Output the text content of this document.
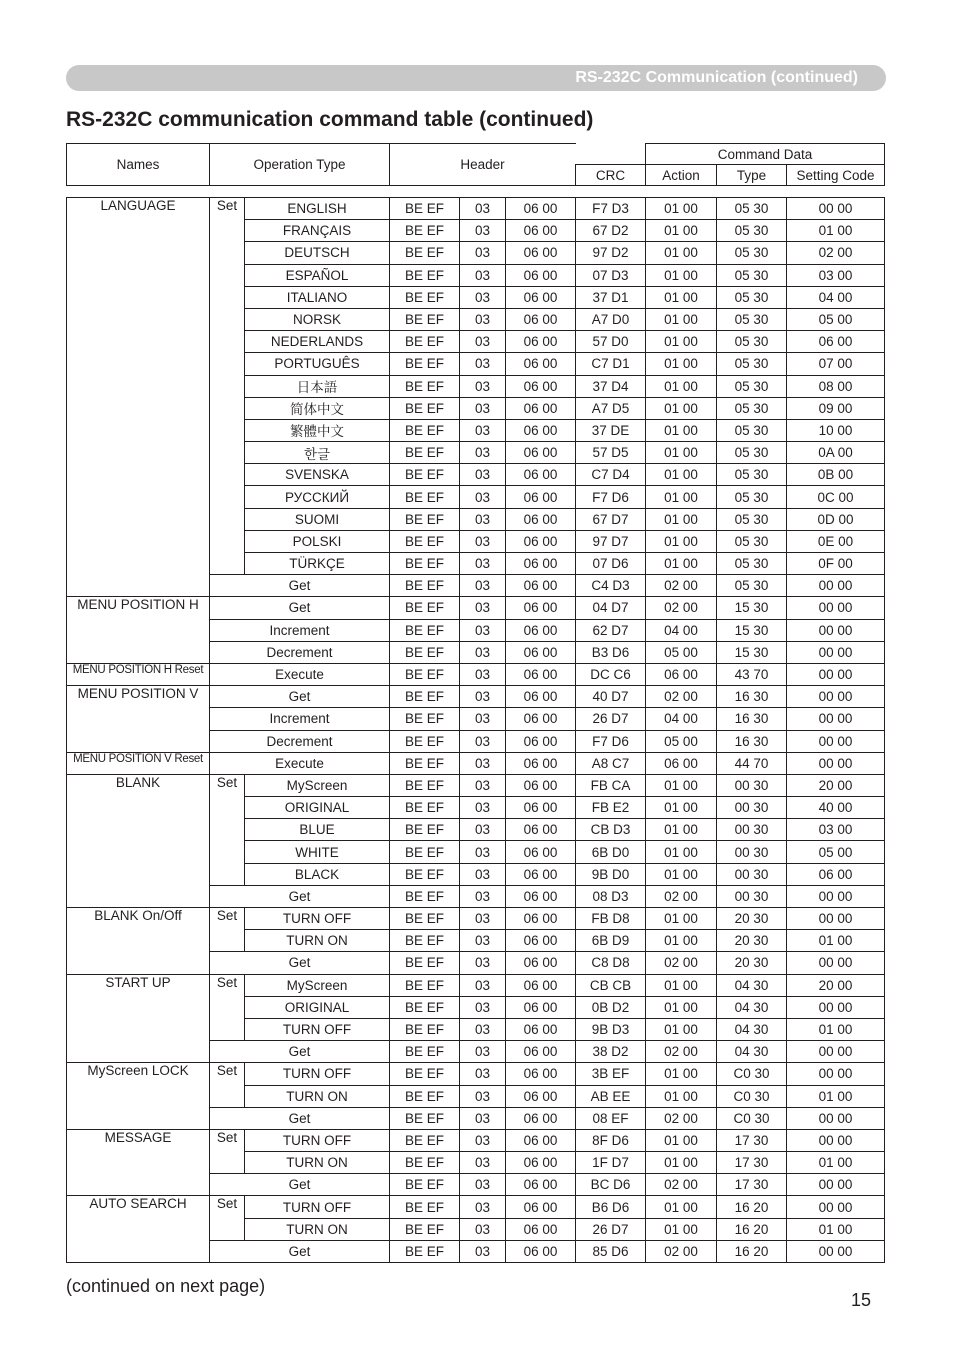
RS-232C Communication (continued)
RS-232C communication command table (continued)
Names	Operation Type	Header		Command Data		
			CRC	Action	Type	Setting Code
LANGUAGE	Set	ENGLISH	BE EF	03	06 00	F7 D3	01 00	05 30	00 00
		FRANÇAIS	BE EF	03	06 00	67 D2	01 00	05 30	01 00
		DEUTSCH	BE EF	03	06 00	97 D2	01 00	05 30	02 00
		ESPAÑOL	BE EF	03	06 00	07 D3	01 00	05 30	03 00
		ITALIANO	BE EF	03	06 00	37 D1	01 00	05 30	04 00
		NORSK	BE EF	03	06 00	A7 D0	01 00	05 30	05 00
		NEDERLANDS	BE EF	03	06 00	57 D0	01 00	05 30	06 00
		PORTUGUÊS	BE EF	03	06 00	C7 D1	01 00	05 30	07 00
		日本語	BE EF	03	06 00	37 D4	01 00	05 30	08 00
		简体中文	BE EF	03	06 00	A7 D5	01 00	05 30	09 00
		繁體中文	BE EF	03	06 00	37 DE	01 00	05 30	10 00
		한글	BE EF	03	06 00	57 D5	01 00	05 30	0A 00
		SVENSKA	BE EF	03	06 00	C7 D4	01 00	05 30	0B 00
		РУССКИЙ	BE EF	03	06 00	F7 D6	01 00	05 30	0C 00
		SUOMI	BE EF	03	06 00	67 D7	01 00	05 30	0D 00
		POLSKI	BE EF	03	06 00	97 D7	01 00	05 30	0E 00
		TÜRKÇE	BE EF	03	06 00	07 D6	01 00	05 30	0F 00
	Get		BE EF	03	06 00	C4 D3	02 00	05 30	00 00
MENU POSITION H	Get		BE EF	03	06 00	04 D7	02 00	15 30	00 00
	Increment		BE EF	03	06 00	62 D7	04 00	15 30	00 00
	Decrement		BE EF	03	06 00	B3 D6	05 00	15 30	00 00
MENU POSITION H Reset	Execute		BE EF	03	06 00	DC C6	06 00	43 70	00 00
MENU POSITION V	Get		BE EF	03	06 00	40 D7	02 00	16 30	00 00
	Increment		BE EF	03	06 00	26 D7	04 00	16 30	00 00
	Decrement		BE EF	03	06 00	F7 D6	05 00	16 30	00 00
MENU POSITION V Reset	Execute		BE EF	03	06 00	A8 C7	06 00	44 70	00 00
BLANK	Set	MyScreen	BE EF	03	06 00	FB CA	01 00	00 30	20 00
		ORIGINAL	BE EF	03	06 00	FB E2	01 00	00 30	40 00
		BLUE	BE EF	03	06 00	CB D3	01 00	00 30	03 00
		WHITE	BE EF	03	06 00	6B D0	01 00	00 30	05 00
		BLACK	BE EF	03	06 00	9B D0	01 00	00 30	06 00
	Get		BE EF	03	06 00	08 D3	02 00	00 30	00 00
BLANK On/Off	Set	TURN OFF	BE EF	03	06 00	FB D8	01 00	20 30	00 00
		TURN ON	BE EF	03	06 00	6B D9	01 00	20 30	01 00
	Get		BE EF	03	06 00	C8 D8	02 00	20 30	00 00
START UP	Set	MyScreen	BE EF	03	06 00	CB CB	01 00	04 30	20 00
		ORIGINAL	BE EF	03	06 00	0B D2	01 00	04 30	00 00
		TURN OFF	BE EF	03	06 00	9B D3	01 00	04 30	01 00
	Get		BE EF	03	06 00	38 D2	02 00	04 30	00 00
MyScreen LOCK	Set	TURN OFF	BE EF	03	06 00	3B EF	01 00	C0 30	00 00
		TURN ON	BE EF	03	06 00	AB EE	01 00	C0 30	01 00
	Get		BE EF	03	06 00	08 EF	02 00	C0 30	00 00
MESSAGE	Set	TURN OFF	BE EF	03	06 00	8F D6	01 00	17 30	00 00
		TURN ON	BE EF	03	06 00	1F D7	01 00	17 30	01 00
	Get		BE EF	03	06 00	BC D6	02 00	17 30	00 00
AUTO SEARCH	Set	TURN OFF	BE EF	03	06 00	B6 D6	01 00	16 20	00 00
		TURN ON	BE EF	03	06 00	26 D7	01 00	16 20	01 00
	Get		BE EF	03	06 00	85 D6	02 00	16 20	00 00
(continued on next page)
15
